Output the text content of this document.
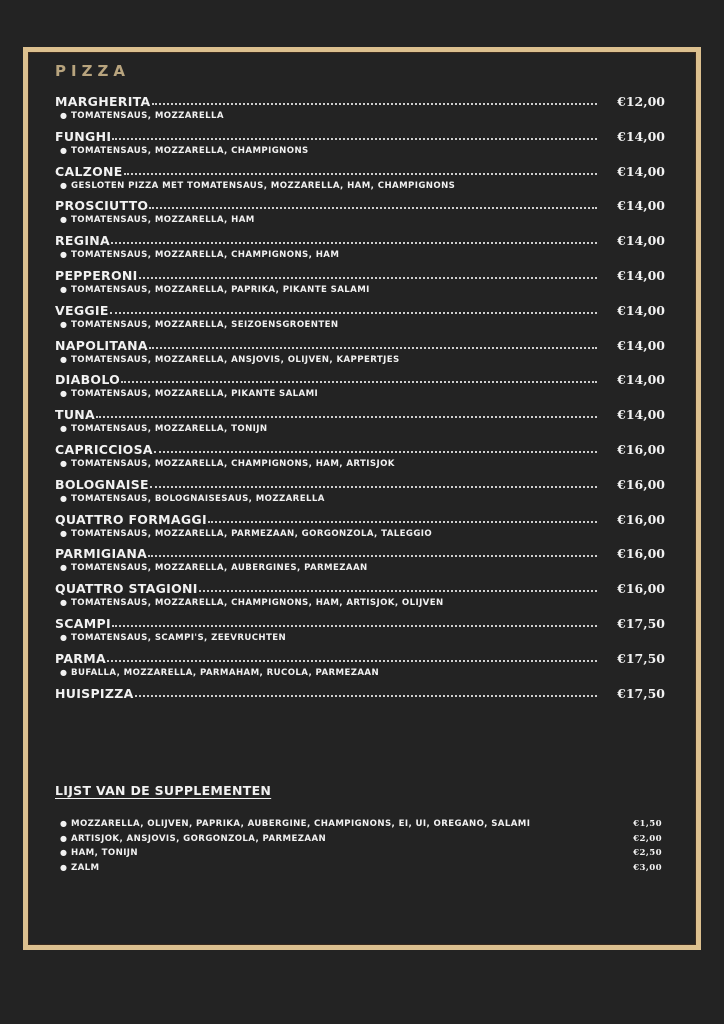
PIZZA
MARGHERITA	€12,00
● TOMATENSAUS, MOZZARELLA
FUNGHI	€14,00
● TOMATENSAUS, MOZZARELLA, CHAMPIGNONS
CALZONE	€14,00
● GESLOTEN PIZZA MET TOMATENSAUS, MOZZARELLA, HAM, CHAMPIGNONS
PROSCIUTTO	€14,00
● TOMATENSAUS, MOZZARELLA, HAM
REGINA	€14,00
● TOMATENSAUS, MOZZARELLA, CHAMPIGNONS, HAM
PEPPERONI	€14,00
● TOMATENSAUS, MOZZARELLA, PAPRIKA, PIKANTE SALAMI
VEGGIE	€14,00
● TOMATENSAUS, MOZZARELLA, SEIZOENSGROENTEN
NAPOLITANA	€14,00
● TOMATENSAUS, MOZZARELLA, ANSJOVIS, OLIJVEN, KAPPERTJES
DIABOLO	€14,00
● TOMATENSAUS, MOZZARELLA, PIKANTE SALAMI
TUNA	€14,00
● TOMATENSAUS, MOZZARELLA, TONIJN
CAPRICCIOSA	€16,00
● TOMATENSAUS, MOZZARELLA, CHAMPIGNONS, HAM, ARTISJOK
BOLOGNAISE	€16,00
● TOMATENSAUS, BOLOGNAISESAUS, MOZZARELLA
QUATTRO FORMAGGI	€16,00
● TOMATENSAUS, MOZZARELLA, PARMEZAAN, GORGONZOLA, TALEGGIO
PARMIGIANA	€16,00
● TOMATENSAUS, MOZZARELLA, AUBERGINES, PARMEZAAN
QUATTRO STAGIONI	€16,00
● TOMATENSAUS, MOZZARELLA, CHAMPIGNONS, HAM, ARTISJOK, OLIJVEN
SCAMPI	€17,50
● TOMATENSAUS, SCAMPI'S, ZEEVRUCHTEN
PARMA	€17,50
● BUFALLA, MOZZARELLA, PARMAHAM, RUCOLA, PARMEZAAN
HUISPIZZA	€17,50
LIJST VAN DE SUPPLEMENTEN
● MOZZARELLA, OLIJVEN, PAPRIKA, AUBERGINE, CHAMPIGNONS, EI, UI, OREGANO, SALAMI	€1,50
● ARTISJOK, ANSJOVIS, GORGONZOLA, PARMEZAAN	€2,00
● HAM, TONIJN	€2,50
● ZALM	€3,00
